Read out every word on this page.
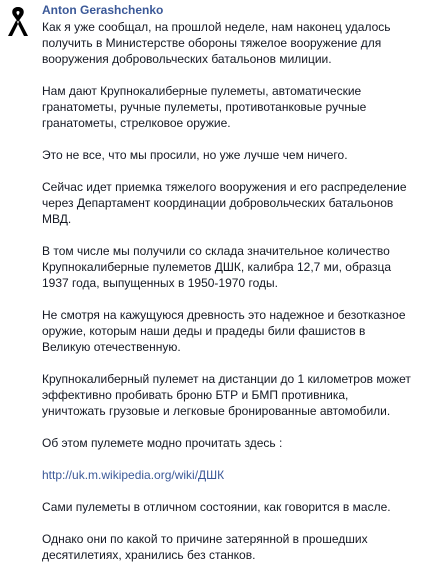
Anton Gerashchenko

Как я уже сообщал, на прошлой неделе, нам наконец удалось получить в Министерстве обороны тяжелое вооружение для вооружения добровольческих батальонов милиции.

Нам дают Крупнокалиберные пулеметы, автоматические гранатометы, ручные пулеметы, противотанковые ручные гранатометы, стрелковое оружие.

Это не все, что мы просили, но уже лучше чем ничего.

Сейчас идет приемка тяжелого вооружения и его распределение через Департамент координации добровольческих батальонов МВД.

В том числе мы получили со склада значительное количество Крупнокалиберные пулеметов ДШК, калибра 12,7 ми, образца 1937 года, выпущенных в 1950-1970 годы.

Не смотря на кажущуюся древность это надежное и безотказное оружие, которым наши деды и прадеды били фашистов в Великую отечественную.

Крупнокалиберный пулемет на дистанции до 1 километров может эффективно пробивать броню БТР и БМП противника, уничтожать грузовые и легковые бронированные автомобили.

Об этом пулемете модно прочитать здесь :

http://uk.m.wikipedia.org/wiki/ДШК

Сами пулеметы в отличном состоянии, как говорится в масле.

Однако они по какой то причине затерянной в прошедших десятилетиях, хранились без станков.
